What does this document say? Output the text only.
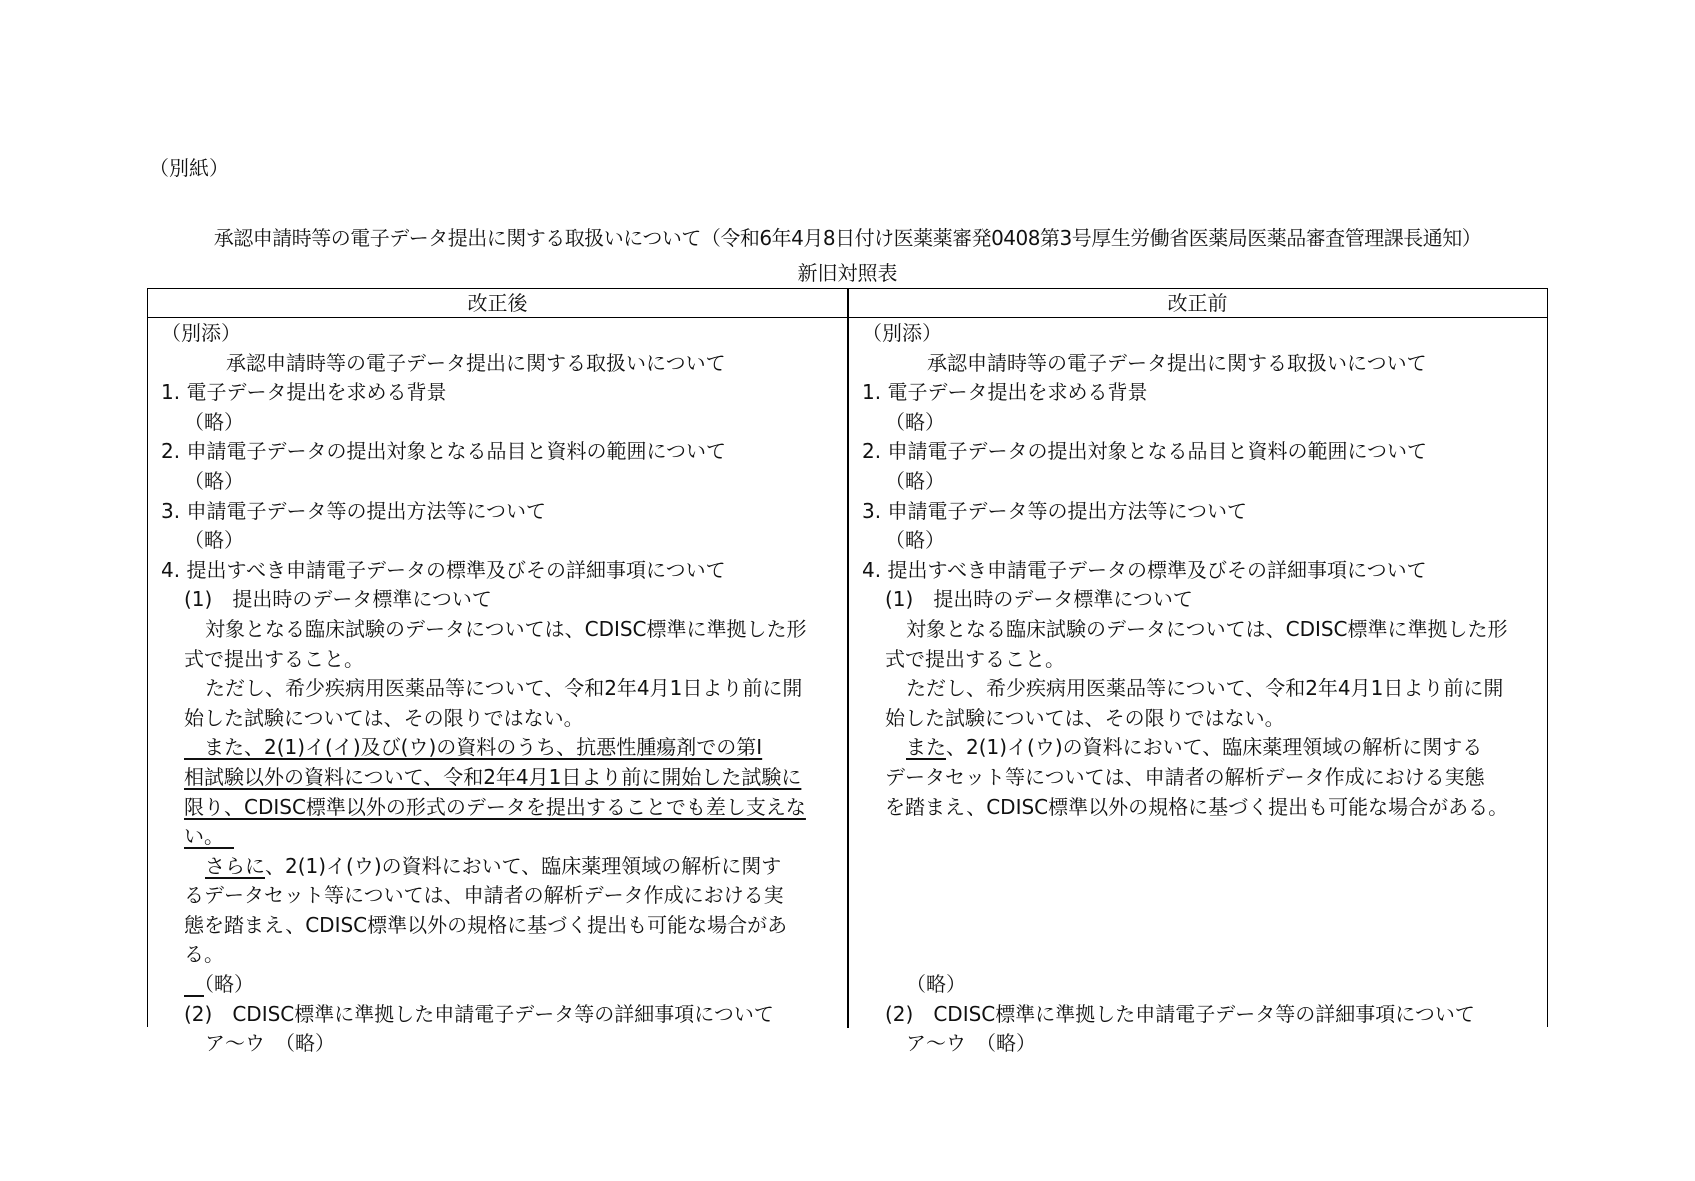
（別紙）
承認申請時等の電子データ提出に関する取扱いについて（令和6年4月8日付け医薬薬審発0408第3号厚生労働省医薬局医薬品審査管理課長通知）
新旧対照表
改正後	改正前
（別添）
承認申請時等の電子データ提出に関する取扱いについて
1. 電子データ提出を求める背景
（略）
2. 申請電子データの提出対象となる品目と資料の範囲について
（略）
3. 申請電子データ等の提出方法等について
（略）
4. 提出すべき申請電子データの標準及びその詳細事項について
(1)　提出時のデータ標準について
対象となる臨床試験のデータについては、CDISC標準に準拠した形
式で提出すること。
ただし、希少疾病用医薬品等について、令和2年4月1日より前に開
始した試験については、その限りではない。
　また、2(1)イ(イ)及び(ウ)の資料のうち、抗悪性腫瘍剤での第Ⅰ
相試験以外の資料について、令和2年4月1日より前に開始した試験に
限り、CDISC標準以外の形式のデータを提出することでも差し支えな
い。　
さらに、2(1)イ(ウ)の資料において、臨床薬理領域の解析に関す
るデータセット等については、申請者の解析データ作成における実
態を踏まえ、CDISC標準以外の規格に基づく提出も可能な場合があ
る。
　（略）
(2)　CDISC標準に準拠した申請電子データ等の詳細事項について
ア～ウ　（略）
（別添）
承認申請時等の電子データ提出に関する取扱いについて
1. 電子データ提出を求める背景
（略）
2. 申請電子データの提出対象となる品目と資料の範囲について
（略）
3. 申請電子データ等の提出方法等について
（略）
4. 提出すべき申請電子データの標準及びその詳細事項について
(1)　提出時のデータ標準について
対象となる臨床試験のデータについては、CDISC標準に準拠した形
式で提出すること。
ただし、希少疾病用医薬品等について、令和2年4月1日より前に開
始した試験については、その限りではない。
また、2(1)イ(ウ)の資料において、臨床薬理領域の解析に関する
データセット等については、申請者の解析データ作成における実態
を踏まえ、CDISC標準以外の規格に基づく提出も可能な場合がある。
（略）
(2)　CDISC標準に準拠した申請電子データ等の詳細事項について
ア～ウ　（略）
